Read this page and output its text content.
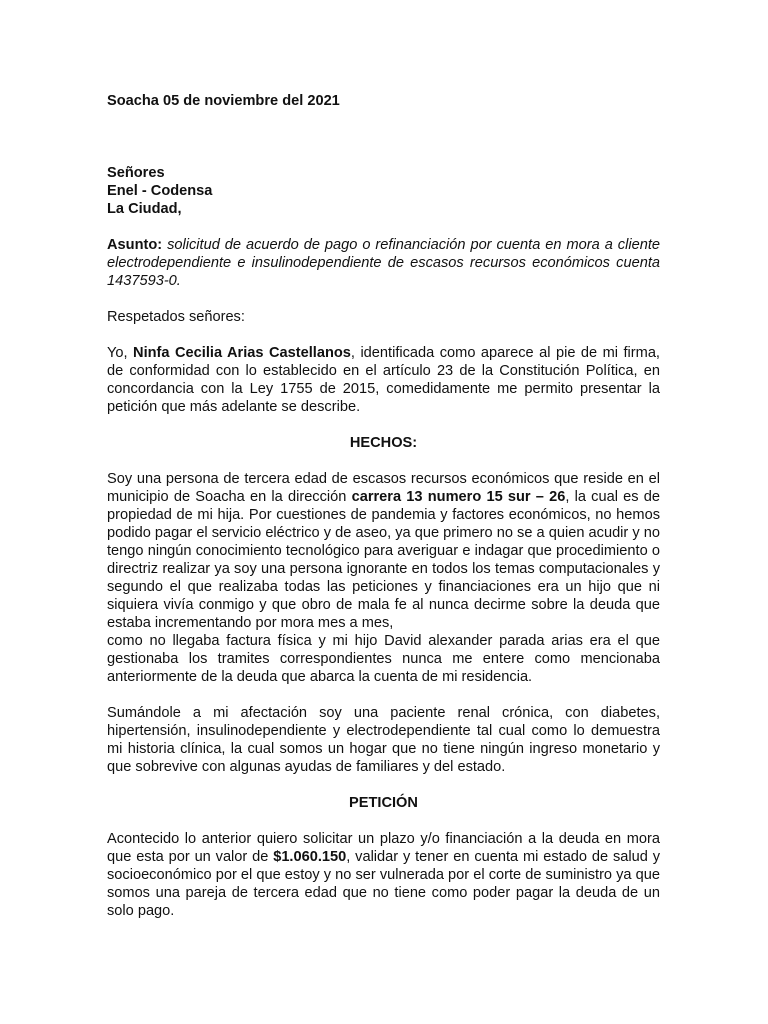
Soacha 05 de noviembre del 2021

Señores

Enel - Codensa

La Ciudad,

Asunto: solicitud de acuerdo de pago o refinanciación por cuenta en mora a cliente electrodependiente e insulinodependiente de escasos recursos económicos cuenta 1437593-0.

Respetados señores:

Yo, Ninfa Cecilia Arias Castellanos, identificada como aparece al pie de mi firma, de conformidad con lo establecido en el artículo 23 de la Constitución Política, en concordancia con la Ley 1755 de 2015, comedidamente me permito presentar la petición que más adelante se describe.

HECHOS:

Soy una persona de tercera edad de escasos recursos económicos que reside en el municipio de Soacha en la dirección carrera 13 numero 15 sur – 26, la cual es de propiedad de mi hija. Por cuestiones de pandemia y factores económicos, no hemos podido pagar el servicio eléctrico y de aseo, ya que primero no se a quien acudir y no tengo ningún conocimiento tecnológico para averiguar e indagar que procedimiento o directriz realizar ya soy una persona ignorante en todos los temas computacionales y segundo el que realizaba todas las peticiones y financiaciones era un hijo que ni siquiera vivía conmigo y que obro de mala fe al nunca decirme sobre la deuda que estaba incrementando por mora mes a mes,

como no llegaba factura física y mi hijo David alexander parada arias era el que gestionaba los tramites correspondientes nunca me entere como mencionaba anteriormente de la deuda que abarca la cuenta de mi residencia.

Sumándole a mi afectación soy una paciente renal crónica, con diabetes, hipertensión, insulinodependiente y electrodependiente tal cual como lo demuestra mi historia clínica, la cual somos un hogar que no tiene ningún ingreso monetario y que sobrevive con algunas ayudas de familiares y del estado.

PETICIÓN

Acontecido lo anterior quiero solicitar un plazo y/o financiación a la deuda en mora que esta por un valor de $1.060.150, validar y tener en cuenta mi estado de salud y socioeconómico por el que estoy y no ser vulnerada por el corte de suministro ya que somos una pareja de tercera edad que no tiene como poder pagar la deuda de un solo pago.
